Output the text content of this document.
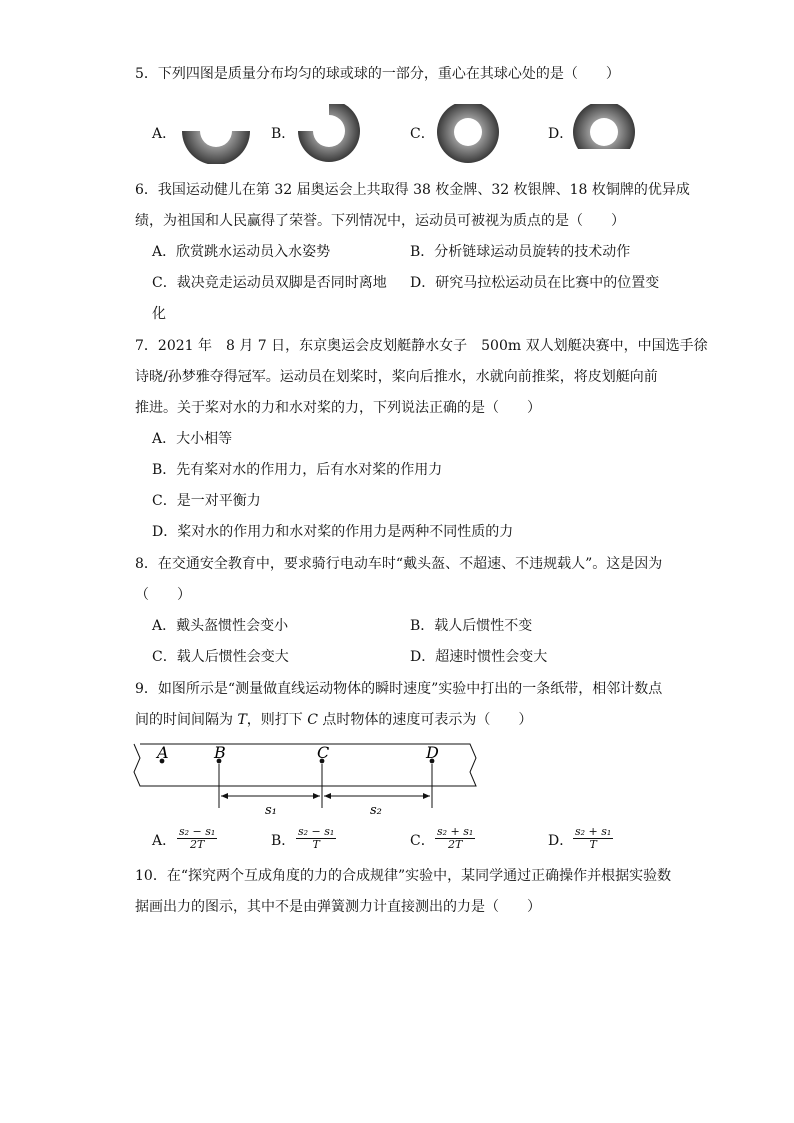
5．下列四图是质量分布均匀的球或球的一部分，重心在其球心处的是（　　）
A．	B．	C．	D．
6．我国运动健儿在第 32 届奥运会上共取得 38 枚金牌、32 枚银牌、18 枚铜牌的优异成
绩，为祖国和人民赢得了荣誉。下列情况中，运动员可被视为质点的是（　　）
A．欣赏跳水运动员入水姿势	B．分析链球运动员旋转的技术动作
C．裁决竞走运动员双脚是否同时离地 D．研究马拉松运动员在比赛中的位置变
化
7．2021 年　8 月 7 日，东京奥运会皮划艇静水女子　500m 双人划艇决赛中，中国选手徐
诗晓/孙梦雅夺得冠军。运动员在划桨时，桨向后推水，水就向前推桨，将皮划艇向前
推进。关于桨对水的力和水对桨的力，下列说法正确的是（　　）
A．大小相等
B．先有桨对水的作用力，后有水对桨的作用力
C．是一对平衡力
D．桨对水的作用力和水对桨的作用力是两种不同性质的力
8．在交通安全教育中，要求骑行电动车时“戴头盔、不超速、不违规载人”。这是因为
（　　）
A．戴头盔惯性会变小	B．载人后惯性不变
C．载人后惯性会变大	D．超速时惯性会变大
9．如图所示是“测量做直线运动物体的瞬时速度”实验中打出的一条纸带，相邻计数点
间的时间间隔为 T，则打下 C 点时物体的速度可表示为（　　）
A	B	C	D
s₁	s₂
A． $\frac{\text{s₂ − s₁}}{2T}$	B． $\frac{\text{s₂ − s₁}}{T}$	C． $\frac{\text{s₂ + s₁}}{2T}$	D． $\frac{\text{s₂ + s₁}}{T}$
10．在“探究两个互成角度的力的合成规律”实验中，某同学通过正确操作并根据实验数
据画出力的图示，其中不是由弹簧测力计直接测出的力是（　　）
